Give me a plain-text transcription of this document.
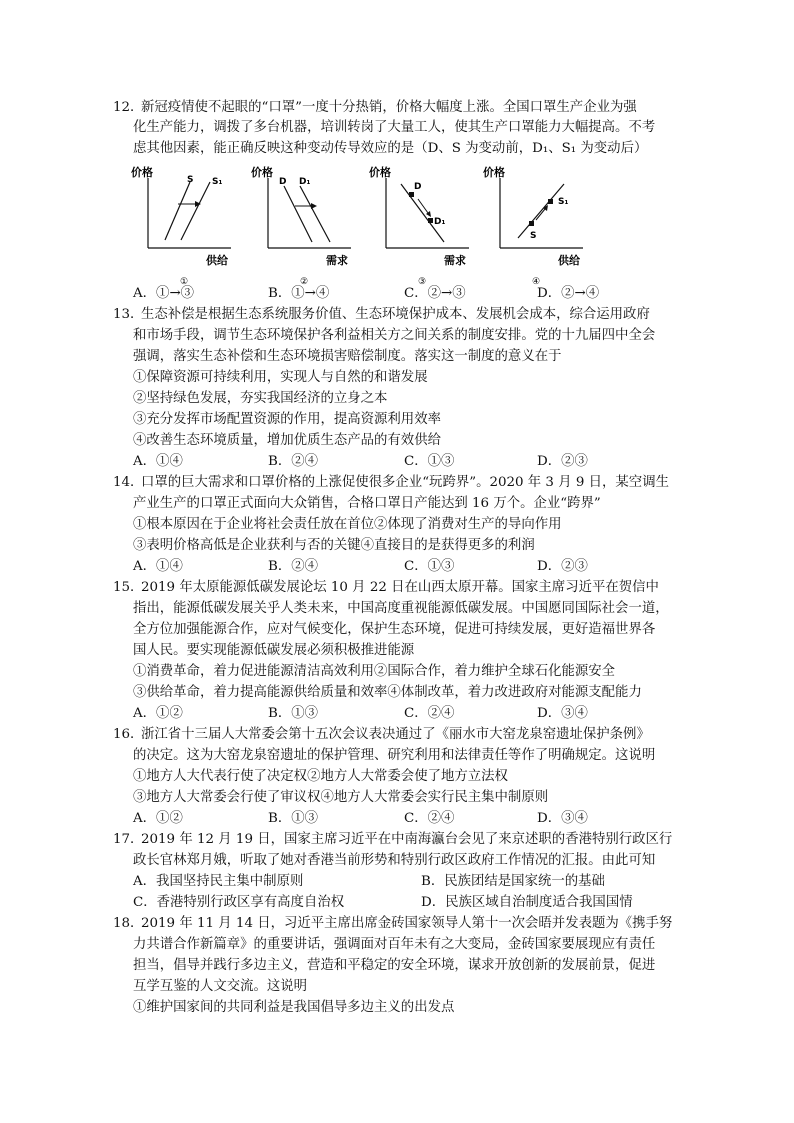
12．
新冠疫情使不起眼的“口罩”一度十分热销，价格大幅度上涨。全国口罩生产企业为强
化生产能力，调拨了多台机器，培训转岗了大量工人，使其生产口罩能力大幅提高。不考
虑其他因素，能正确反映这种变动传导效应的是（D、S 为变动前，D₁、S₁ 为变动后）
价格
S S₁
供给
①
价格
D D₁
需求
②
价格
D
D₁
需求
③
价格
S
S₁
供给
④
A．①→③	B．①→④	C．②→③	D．②→④
13．
生态补偿是根据生态系统服务价值、生态环境保护成本、发展机会成本，综合运用政府
和市场手段，调节生态环境保护各利益相关方之间关系的制度安排。党的十九届四中全会
强调，落实生态补偿和生态环境损害赔偿制度。落实这一制度的意义在于
①保障资源可持续利用，实现人与自然的和谐发展
②坚持绿色发展，夯实我国经济的立身之本
③充分发挥市场配置资源的作用，提高资源利用效率
④改善生态环境质量，增加优质生态产品的有效供给
A．①④	B．②④	C．①③	D．②③
14．
口罩的巨大需求和口罩价格的上涨促使很多企业“玩跨界”。2020 年 3 月 9 日，某空调生
产业生产的口罩正式面向大众销售，合格口罩日产能达到 16 万个。企业“跨界”
①根本原因在于企业将社会责任放在首位②体现了消费对生产的导向作用
③表明价格高低是企业获利与否的关键④直接目的是获得更多的利润
A．①④	B．②④	C．①③	D．②③
15．
2019 年太原能源低碳发展论坛 10 月 22 日在山西太原开幕。国家主席习近平在贺信中
指出，能源低碳发展关乎人类未来，中国高度重视能源低碳发展。中国愿同国际社会一道，
全方位加强能源合作，应对气候变化，保护生态环境，促进可持续发展，更好造福世界各
国人民。要实现能源低碳发展必须积极推进能源
①消费革命，着力促进能源清洁高效利用②国际合作，着力维护全球石化能源安全
③供给革命，着力提高能源供给质量和效率④体制改革，着力改进政府对能源支配能力
A．①②	B．①③	C．②④	D．③④
16．
浙江省十三届人大常委会第十五次会议表决通过了《丽水市大窑龙泉窑遗址保护条例》
的决定。这为大窑龙泉窑遗址的保护管理、研究利用和法律责任等作了明确规定。这说明
①地方人大代表行使了决定权②地方人大常委会使了地方立法权
③地方人大常委会行使了审议权④地方人大常委会实行民主集中制原则
A．①②	B．①③	C．②④	D．③④
17．
2019 年 12 月 19 日，国家主席习近平在中南海瀛台会见了来京述职的香港特别行政区行
政长官林郑月娥，听取了她对香港当前形势和特别行政区政府工作情况的汇报。由此可知
A．我国坚持民主集中制原则	B．民族团结是国家统一的基础
C．香港特别行政区享有高度自治权	D．民族区域自治制度适合我国国情
18．
2019 年 11 月 14 日，习近平主席出席金砖国家领导人第十一次会晤并发表题为《携手努
力共谱合作新篇章》的重要讲话，强调面对百年未有之大变局，金砖国家要展现应有责任
担当，倡导并践行多边主义，营造和平稳定的安全环境，谋求开放创新的发展前景，促进
互学互鉴的人文交流。这说明
①维护国家间的共同利益是我国倡导多边主义的出发点
